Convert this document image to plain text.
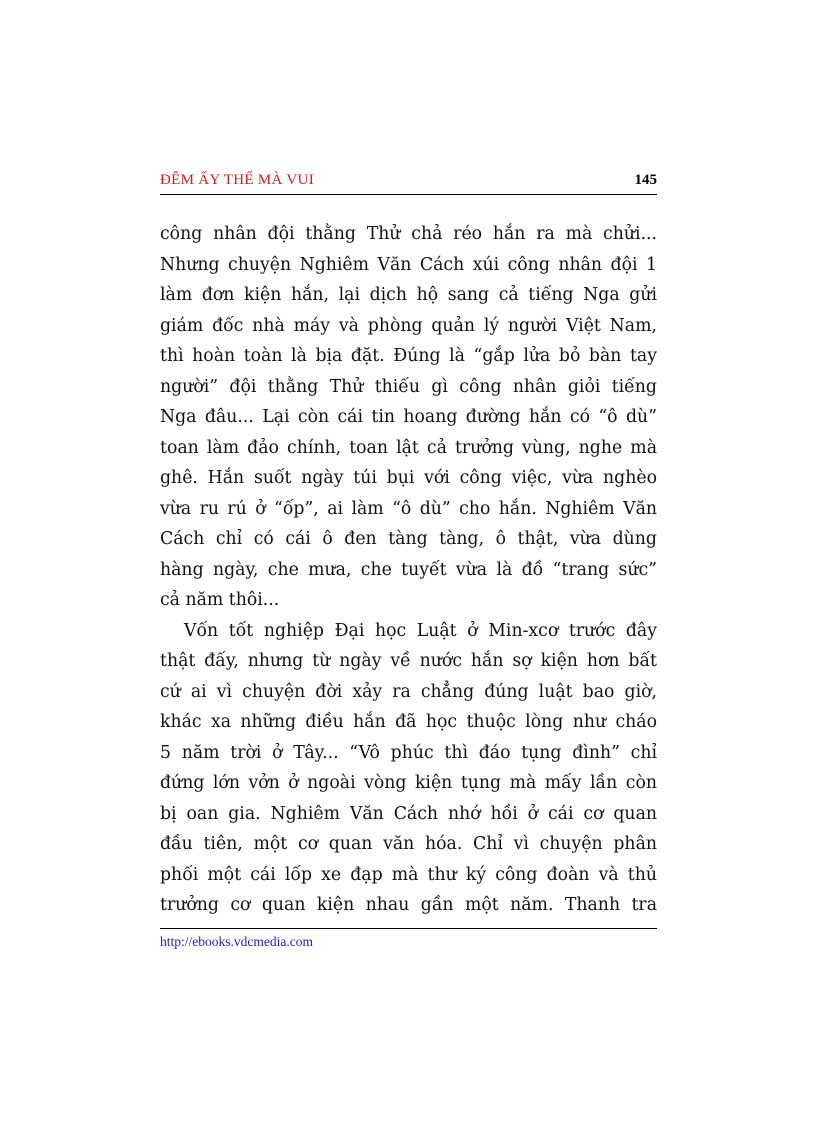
ĐÊM ẤY THẾ MÀ VUI	145
công nhân đội thằng Thử chả réo hắn ra mà chửi...
Nhưng chuyện Nghiêm Văn Cách xúi công nhân đội 1
làm đơn kiện hắn, lại dịch hộ sang cả tiếng Nga gửi
giám đốc nhà máy và phòng quản lý người Việt Nam,
thì hoàn toàn là bịa đặt. Đúng là “gắp lửa bỏ bàn tay
người” đội thằng Thử thiếu gì công nhân giỏi tiếng
Nga đâu... Lại còn cái tin hoang đường hắn có “ô dù”
toan làm đảo chính, toan lật cả trưởng vùng, nghe mà
ghê. Hắn suốt ngày túi bụi với công việc, vừa nghèo
vừa ru rú ở “ốp”, ai làm “ô dù” cho hắn. Nghiêm Văn
Cách chỉ có cái ô đen tàng tàng, ô thật, vừa dùng
hàng ngày, che mưa, che tuyết vừa là đồ “trang sức”
cả năm thôi...
Vốn tốt nghiệp Đại học Luật ở Min-xcơ trước đây
thật đấy, nhưng từ ngày về nước hắn sợ kiện hơn bất
cứ ai vì chuyện đời xảy ra chẳng đúng luật bao giờ,
khác xa những điều hắn đã học thuộc lòng như cháo
5 năm trời ở Tây... “Vô phúc thì đáo tụng đình” chỉ
đứng lớn vởn ở ngoài vòng kiện tụng mà mấy lần còn
bị oan gia. Nghiêm Văn Cách nhớ hồi ở cái cơ quan
đầu tiên, một cơ quan văn hóa. Chỉ vì chuyện phân
phối một cái lốp xe đạp mà thư ký công đoàn và thủ
trưởng cơ quan kiện nhau gần một năm. Thanh tra
http://ebooks.vdcmedia.com
